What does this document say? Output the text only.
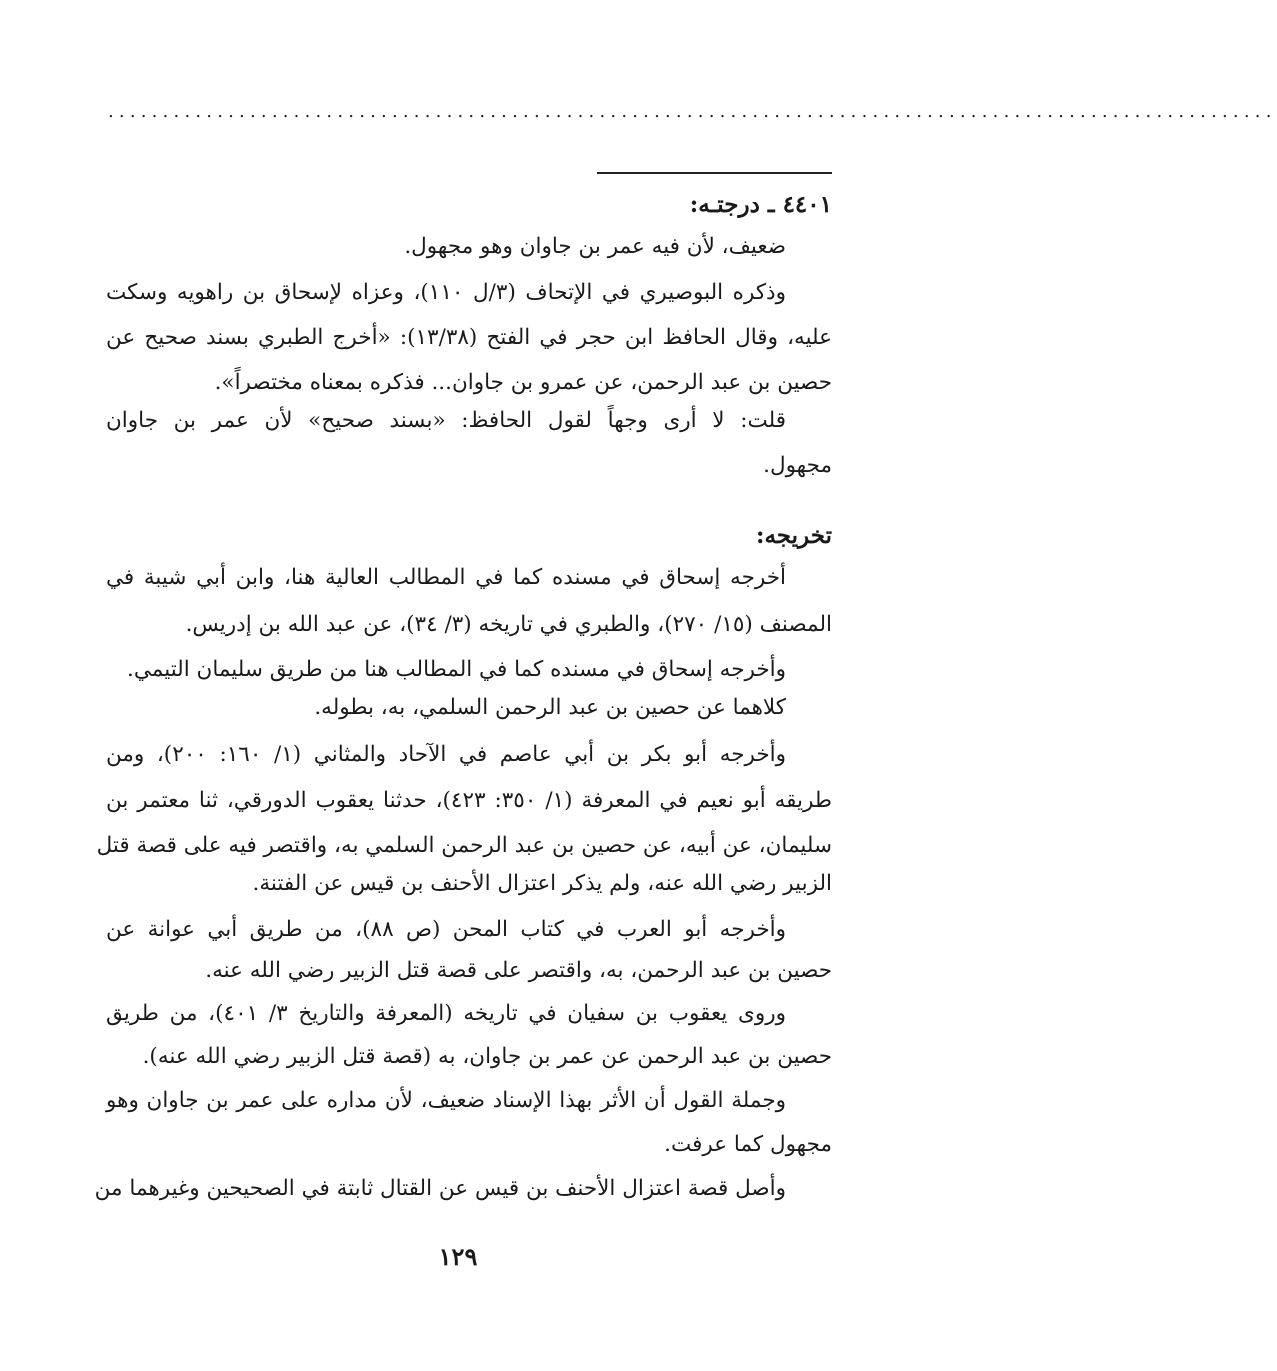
...........................................................................................................
٤٤٠١ ـ درجتـه:
ضعيف، لأن فيه عمر بن جاوان وهو مجهول.
وذكره البوصيري في الإتحاف (٣/ل ١١٠)، وعزاه لإسحاق بن راهويه وسكت
عليه، وقال الحافظ ابن حجر في الفتح (١٣/٣٨): «أخرج الطبري بسند صحيح عن
حصين بن عبد الرحمن، عن عمرو بن جاوان... فذكره بمعناه مختصراً».
قلت: لا أرى وجهاً لقول الحافظ: «بسند صحيح» لأن عمر بن جاوان
مجهول.
تخريجه:
أخرجه إسحاق في مسنده كما في المطالب العالية هنا، وابن أبي شيبة في
المصنف (١٥/ ٢٧٠)، والطبري في تاريخه (٣/ ٣٤)، عن عبد الله بن إدريس.
وأخرجه إسحاق في مسنده كما في المطالب هنا من طريق سليمان التيمي.
كلاهما عن حصين بن عبد الرحمن السلمي، به، بطوله.
وأخرجه أبو بكر بن أبي عاصم في الآحاد والمثاني (١/ ١٦٠: ٢٠٠)، ومن
طريقه أبو نعيم في المعرفة (١/ ٣٥٠: ٤٢٣)، حدثنا يعقوب الدورقي، ثنا معتمر بن
سليمان، عن أبيه، عن حصين بن عبد الرحمن السلمي به، واقتصر فيه على قصة قتل
الزبير رضي الله عنه، ولم يذكر اعتزال الأحنف بن قيس عن الفتنة.
وأخرجه أبو العرب في كتاب المحن (ص ٨٨)، من طريق أبي عوانة عن
حصين بن عبد الرحمن، به، واقتصر على قصة قتل الزبير رضي الله عنه.
وروى يعقوب بن سفيان في تاريخه (المعرفة والتاريخ ٣/ ٤٠١)، من طريق
حصين بن عبد الرحمن عن عمر بن جاوان، به (قصة قتل الزبير رضي الله عنه).
وجملة القول أن الأثر بهذا الإسناد ضعيف، لأن مداره على عمر بن جاوان وهو
مجهول كما عرفت.
وأصل قصة اعتزال الأحنف بن قيس عن القتال ثابتة في الصحيحين وغيرهما من
١٢٩
